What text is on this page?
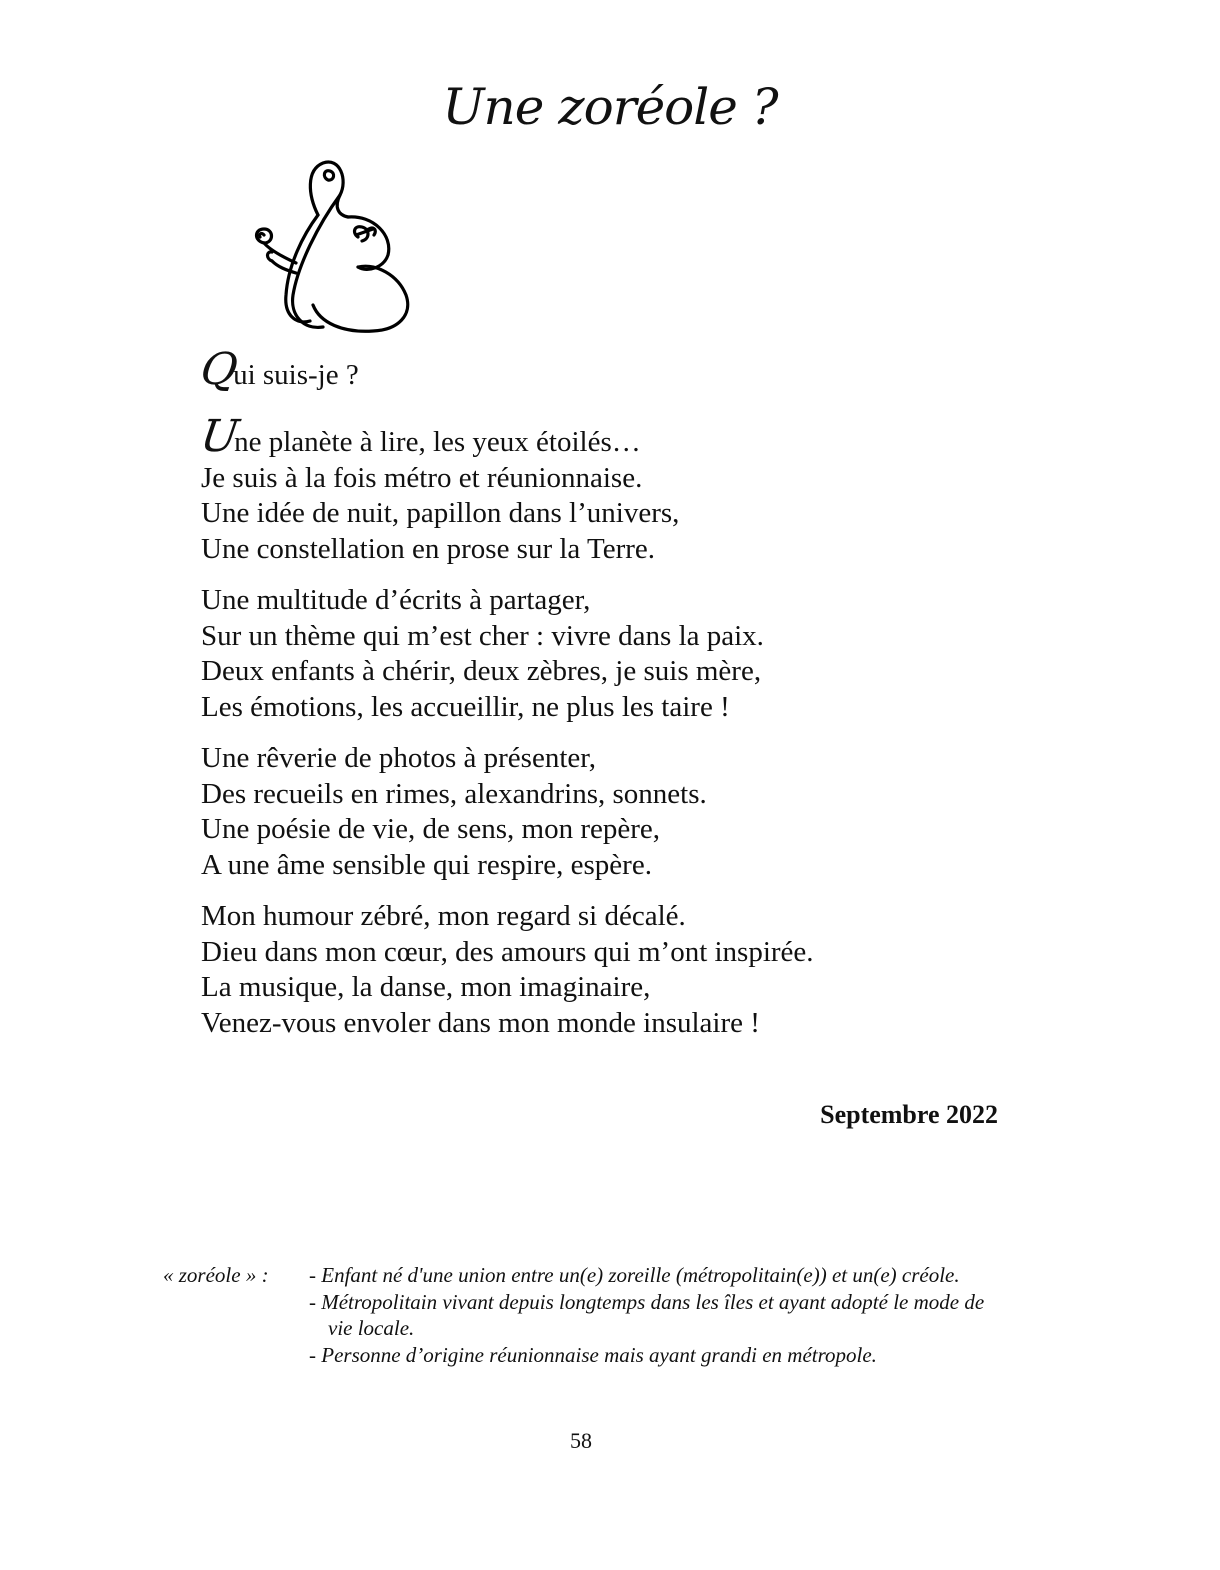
Une zoréole ?
Qui suis-je ?
Une planète à lire, les yeux étoilés…
Je suis à la fois métro et réunionnaise.
Une idée de nuit, papillon dans l’univers,
Une constellation en prose sur la Terre.
Une multitude d’écrits à partager,
Sur un thème qui m’est cher : vivre dans la paix.
Deux enfants à chérir, deux zèbres, je suis mère,
Les émotions, les accueillir, ne plus les taire !
Une rêverie de photos à présenter,
Des recueils en rimes, alexandrins, sonnets.
Une poésie de vie, de sens, mon repère,
A une âme sensible qui respire, espère.
Mon humour zébré, mon regard si décalé.
Dieu dans mon cœur, des amours qui m’ont inspirée.
La musique, la danse, mon imaginaire,
Venez-vous envoler dans mon monde insulaire !
Septembre 2022
« zoréole » : - Enfant né d'une union entre un(e) zoreille (métropolitain(e)) et un(e) créole.
- Métropolitain vivant depuis longtemps dans les îles et ayant adopté le mode de vie locale.
- Personne d’origine réunionnaise mais ayant grandi en métropole.
58
